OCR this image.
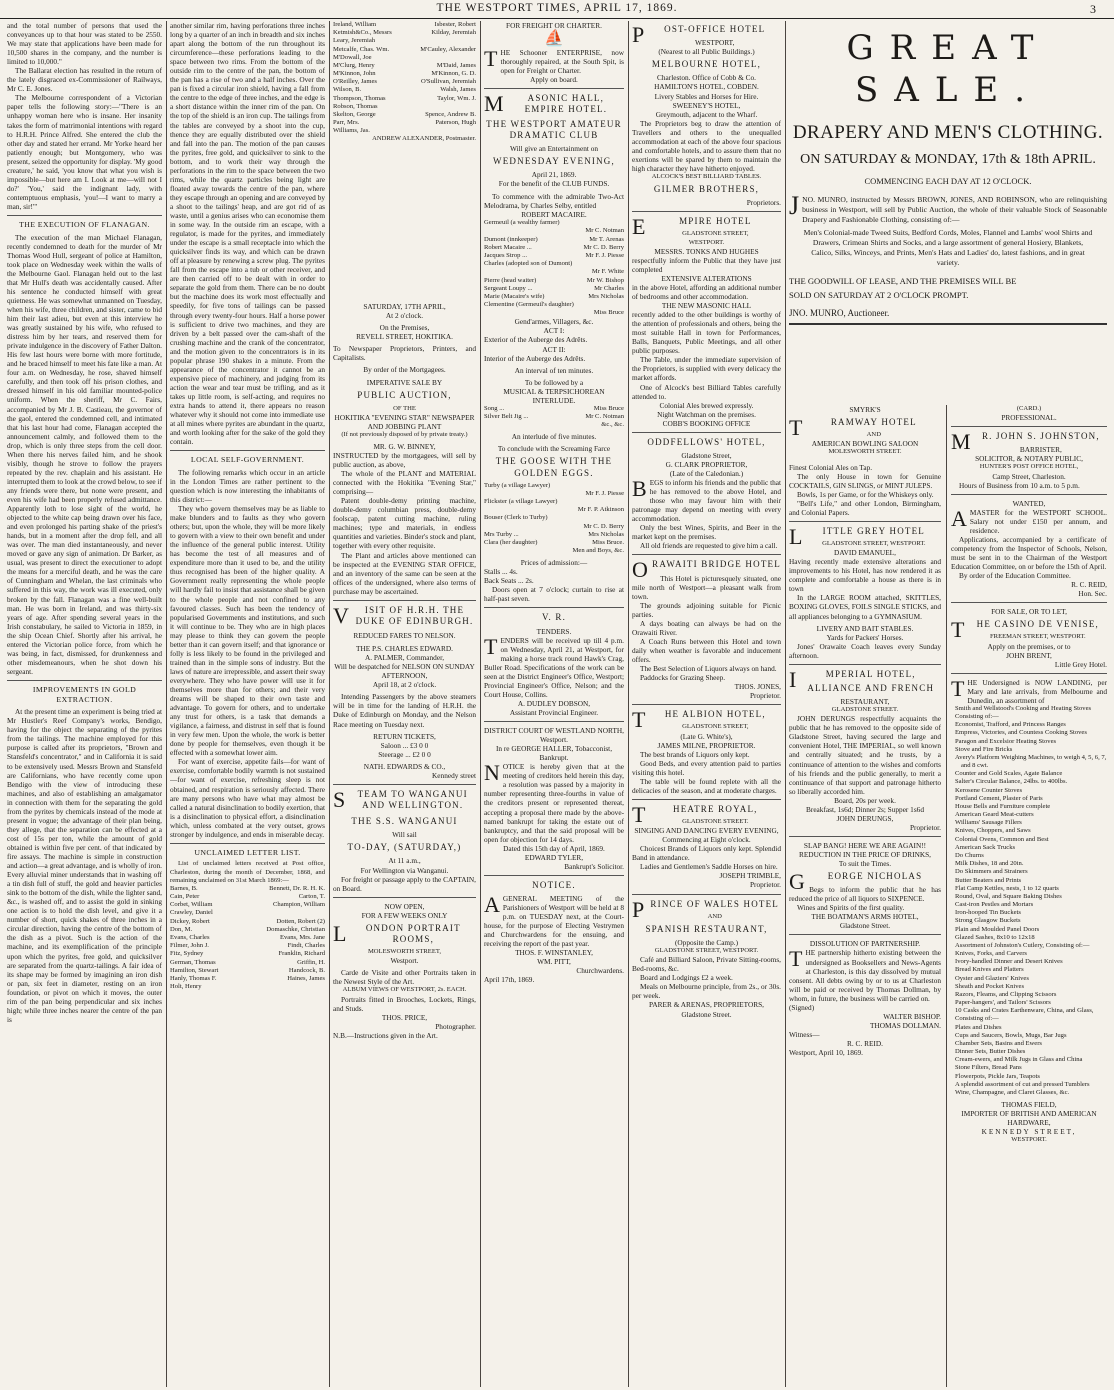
THE WESTPORT TIMES, APRIL 17, 1869.	3

and the total number of persons that used the conveyances up to that hour was stated to be 2550. We may state that applications have been made for 10,500 shares in the company, and the number is limited to 10,000."

The Ballarat election has resulted in the return of the lately disgraced ex-Commissioner of Railways, Mr C. E. Jones.

The Melbourne correspondent of a Victorian paper tells the following story:—"There is an unhappy woman here who is insane. Her insanity takes the form of matrimonial intentions with regard to H.R.H. Prince Alfred. She entered the club the other day and stated her errand. Mr Yorke heard her patiently enough; but Montgomery, who was present, seized the opportunity for display. 'My good creature,' he said, 'you know that what you wish is impossible—but here am I. Look at me—will not I do?' 'You,' said the indignant lady, with contemptuous emphasis, 'you!—I want to marry a man, sir!'"

THE EXECUTION OF FLANAGAN.

The execution of the man Michael Flanagan, recently condemned to death for the murder of Mr Thomas Wood Hull, sergeant of police at Hamilton, took place on Wednesday week within the walls of the Melbourne Gaol. Flanagan held out to the last that Mr Hull's death was accidentally caused. After his sentence he conducted himself with great quietness. He was somewhat unmanned on Tuesday, when his wife, three children, and sister, came to bid him their last adieu, but even at this interview he was greatly sustained by his wife, who refused to distress him by her tears, and reserved them for private indulgence in the discovery of Father Dalton. His few last hours were borne with more fortitude, and he braced himself to meet his fate like a man. At four a.m. on Wednesday, he rose, shaved himself carefully, and then took off his prison clothes, and dressed himself in his old familiar mounted-police uniform. When the sheriff, Mr C. Fairs, accompanied by Mr J. B. Castieau, the governor of the gaol, entered the condemned cell, and intimated that his last hour had come, Flanagan accepted the announcement calmly, and followed them to the drop, which is only three steps from the cell door. When there his nerves failed him, and he shook visibly, though he strove to follow the prayers repeated by the rev. chaplain and his assistant. He interrupted them to look at the crowd below, to see if any friends were there, but none were present, and even his wife had been properly refused admittance. Apparently loth to lose sight of the world, he objected to the white cap being drawn over his face, and even prolonged his parting shake of the priest's hands, but in a moment after the drop fell, and all was over. The man died instantaneously, and never moved or gave any sign of animation. Dr Barker, as usual, was present to direct the executioner to adopt the means for a merciful death, and he was the care of Cunningham and Whelan, the last criminals who suffered in this way, the work was ill executed, only broken by the fall. Flanagan was a fine well-built man. He was born in Ireland, and was thirty-six years of age. After spending several years in the Irish constabulary, he sailed to Victoria in 1859, in the ship Ocean Chief. Shortly after his arrival, he entered the Victorian police force, from which he was being, in fact, dismissed, for drunkenness and other misdemeanours, when he shot down his sergeant.

IMPROVEMENTS IN GOLD EXTRACTION.

At the present time an experiment is being tried at Mr Hustler's Reef Company's works, Bendigo, having for the object the separating of the pyrites from the tailings. The machine employed for this purpose is called after its proprietors, "Brown and Stansfeld's concentrator," and in California it is said to be extensively used. Messrs Brown and Stansfeld are Californians, who have recently come upon Bendigo with the view of introducing these machines, and also of establishing an amalgamator in connection with them for the separating the gold from the pyrites by chemicals instead of the mode at present in vogue; the advantage of their plan being, they allege, that the separation can be effected at a cost of 15s per ton, while the amount of gold obtained is within five per cent. of that indicated by fire assays. The machine is simple in construction and action—a great advantage, and is wholly of iron. Every alluvial miner understands that in washing off a tin dish full of stuff, the gold and heavier particles sink to the bottom of the dish, while the lighter sand, &c., is washed off, and to assist the gold in sinking one action is to hold the dish level, and give it a number of short, quick shakes of three inches in a circular direction, having the centre of the bottom of the dish as a pivot. Such is the action of the machine, and its exemplification of the principle upon which the pyrites, free gold, and quicksilver are separated from the quartz-tailings. A fair idea of its shape may be formed by imagining an iron dish or pan, six feet in diameter, resting on an iron foundation, or pivot on which it moves, the outer rim of the pan being perpendicular and six inches high; while three inches nearer the centre of the pan is

another similar rim, having perforations three inches long by a quarter of an inch in breadth and six inches apart along the bottom of the run throughout its circumference—these perforations leading to the space between two rims. From the bottom of the outside rim to the centre of the pan, the bottom of the pan has a rise of two and a half inches. Over the pan is fixed a circular iron shield, having a fall from the centre to the edge of three inches, and the edge is a short distance within the inner rim of the pan. On the top of the shield is an iron cup. The tailings from the tables are conveyed by a shoot into the cup, thence they are equally distributed over the shield and fall into the pan. The motion of the pan causes the pyrites, free gold, and quicksilver to sink to the bottom, and to work their way through the perforations in the rim to the space between the two rims, while the quartz particles being light are floated away towards the centre of the pan, where they escape through an opening and are conveyed by a shoot to the tailings' heap, and are got rid of as waste, until a genius arises who can economise them in some way. In the outside rim an escape, with a regulator, is made for the pyrites, and immediately under the escape is a small receptacle into which the quicksilver finds its way, and which can be drawn off at pleasure by renewing a screw plug. The pyrites fall from the escape into a tub or other receiver, and are then carried off to be dealt with in order to separate the gold from them. There can be no doubt but the machine does its work most effectually and speedily, for five tons of tailings can be passed through every twenty-four hours. Half a horse power is sufficient to drive two machines, and they are driven by a belt passed over the cam-shaft of the crushing machine and the crank of the concentrator, and the motion given to the concentrators is in its popular phrase 190 shakes in a minute. From the appearance of the concentrator it cannot be an expensive piece of machinery, and judging from its action the wear and tear must be trifling, and as it takes up little room, is self-acting, and requires no extra hands to attend it, there appears no reason whatever why it should not come into immediate use at all mines where pyrites are abundant in the quartz, and worth looking after for the sake of the gold they contain.

LOCAL SELF-GOVERNMENT.

The following remarks which occur in an article in the London Times are rather pertinent to the question which is now interesting the inhabitants of this district:—

They who govern themselves may be as liable to make blunders and to faults as they who govern others; but, upon the whole, they will be more likely to govern with a view to their own benefit and under the influence of the general public interest. Utility has become the test of all measures and of expenditure more than it used to be, and the utility thus recognised has been of the higher quality. A Government really representing the whole people will hardly fail to insist that assistance shall be given to the whole people and not confined to any favoured classes. Such has been the tendency of popularised Governments and institutions, and such it will continue to be. They who are in high places may please to think they can govern the people better than it can govern itself; and that ignorance or folly is less likely to be found in the privileged and trained than in the simple sons of industry. But the laws of nature are irrepressible, and assert their sway everywhere. They who have power will use it for themselves more than for others; and their very dreams will be shaped to their own taste and advantage. To govern for others, and to undertake any trust for others, is a task that demands a vigilance, a fairness, and distrust in self that is found in very few men. Upon the whole, the work is better done by people for themselves, even though it be effected with a somewhat lower aim.

For want of exercise, appetite fails—for want of exercise, comfortable bodily warmth is not sustained—for want of exercise, refreshing sleep is not obtained, and respiration is seriously affected. There are many persons who have what may almost be called a natural disinclination to bodily exertion, that is a disinclination to physical effort, a disinclination which, unless combated at the very outset, grows stronger by indulgence, and ends in miserable decay.

UNCLAIMED LETTER LIST.

List of unclaimed letters received at Post office, Charleston, during the month of December, 1868, and remaining unclaimed on 31st March 1869:—

Barnes, B.	Bennett, Dr. R. H. K.
Cain, Peter	Carton, T.
Corbet, William	Champion, William
Crawley, Daniel
Dickey, Robert	Dotten, Robert (2)
Don, M.	Domaschke, Christian
Evans, Charles	Evans, Mrs. Jane
Filmer, John J.	Findt, Charles
Fitz, Sydney	Franklin, Richard
German, Thomas	Griffin, H.
Hamilton, Stewart	Handcock, B.
Hanly, Thomas F.	Haines, James
Holt, Henry
Ireland, William	Isbester, Robert
Ketmish&Co., Messrs	Kilday, Jeremiah
Leary, Jeremiah
Metcalfe, Chas. Wm.	M'Cauley, Alexander
M'Dowall, Joe
M'Clurg, Henry	M'Daid, James
M'Kinnon, John	M'Kinnon, G. D.
O'Reilley, James	O'Sullivan, Jeremiah
Wilson, B.	Walsh, James
Thompson, Thomas	Taylor, Wm. J.
Robson, Thomas
Skelton, George	Spence, Andrew B.
Parr, Mrs.	Paterson, Hugh
Williams, Jas.
ANDREW ALEXANDER, Postmaster.
P OST-OFFICE HOTEL
WESTPORT,
(Nearest to all Public Buildings.)
MELBOURNE HOTEL,
Charleston. Office of Cobb & Co.
HAMILTON'S HOTEL, COBDEN.
Livery Stables and Horses for Hire.
SWEENEY'S HOTEL,
Greymouth, adjacent to the Wharf.

The Proprietors beg to draw the attention of Travellers and others to the unequalled accommodation at each of the above four spacious and comfortable hotels, and to assure them that no exertions will be spared by them to maintain the high character they have hitherto enjoyed.

ALCOCK'S BEST BILLIARD TABLES.
GILMER BROTHERS,
Proprietors.
E	MPIRE HOTEL
GLADSTONE STREET,
WESTPORT.
MESSRS. TONKS AND HUGHES

respectfully inform the Public that they have just completed

EXTENSIVE ALTERATIONS

in the above Hotel, affording an additional number of bedrooms and other accommodation.

THE NEW MASONIC HALL

recently added to the other buildings is worthy of the attention of professionals and others, being the most suitable Hall in town for Performances, Balls, Banquets, Public Meetings, and all other public purposes.

The Table, under the immediate supervision of the Proprietors, is supplied with every delicacy the market affords.

One of Alcock's best Billiard Tables carefully attended to.

Colonial Ales brewed expressly.
Night Watchman on the premises.
COBB'S BOOKING OFFICE
ODDFELLOWS' HOTEL,
Gladstone Street,
G. CLARK PROPRIETOR,
(Late of the Caledonian.)

BEGS to inform his friends and the public that he has removed to the above Hotel, and those who may favour him with their patronage may depend on meeting with every accommodation.

Only the best Wines, Spirits, and Beer in the market kept on the premises.

All old friends are requested to give him a call.

ORAWAITI BRIDGE HOTEL

This Hotel is picturesquely situated, one mile north of Westport—a pleasant walk from town.

The grounds adjoining suitable for Picnic parties.

A days boating can always be had on the Orawaiti River.

A Coach Runs between this Hotel and town daily when weather is favorable and inducement offers.

The Best Selection of Liquors always on hand.

Paddocks for Grazing Sheep.

THOS. JONES,
Proprietor.
T HE ALBION HOTEL,
GLADSTONE STREET,
(Late G. White's),
JAMES MILNE, PROPRIETOR.

The best brands of Liquors only kept.

Good Beds, and every attention paid to parties visiting this hotel.

The table will be found replete with all the delicacies of the season, and at moderate charges.

T	HEATRE ROYAL,
GLADSTONE STREET.
SINGING AND DANCING EVERY EVENING,
Commencing at Eight o'clock.

Choicest Brands of Liquors only kept. Splendid Band in attendance.

Ladies and Gentlemen's Saddle Horses on hire.

JOSEPH TRIMBLE,
Proprietor.
PRINCE OF WALES HOTEL
AND
SPANISH RESTAURANT,
(Opposite the Camp.)
GLADSTONE STREET, WESTPORT.

Café and Billiard Saloon, Private Sitting-rooms, Bed-rooms, &c.

Board and Lodgings £2 a week.

Meals on Melbourne principle, from 2s., or 30s. per week.

PARER & ARENAS, PROPRIETORS,
Gladstone Street.
GREAT SALE.
DRAPERY AND MEN'S CLOTHING.
ON SATURDAY & MONDAY, 17th & 18th APRIL.
COMMENCING EACH DAY AT 12 O'CLOCK.

JNO. MUNRO, instructed by Messrs BROWN, JONES, AND ROBINSON, who are relinquishing business in Westport, will sell by Public Auction, the whole of their valuable Stock of Seasonable Drapery and Fashionable Clothing, consisting of:—

Men's Colonial-made Tweed Suits, Bedford Cords, Moles, Flannel and Lambs' wool Shirts and Drawers, Crimean Shirts and Socks, and a large assortment of general Hosiery, Blankets, Calico, Silks, Winceys, and Prints, Men's Hats and Ladies' do, latest fashions, and in great variety.

THE GOODWILL OF LEASE, AND THE PREMISES WILL BE

SOLD ON SATURDAY AT 2 O'CLOCK PROMPT.

JNO. MUNRO, Auctioneer.

SMYRK'S
T	RAMWAY HOTEL
AND
AMERICAN BOWLING SALOON
MOLESWORTH STREET.

Finest Colonial Ales on Tap.

The only House in town for Genuine COCKTAILS, GIN SLINGS, or MINT JULEPS.

Bowls, 1s per Game, or for the Whiskeys only.

"Bell's Life," and other London, Birmingham, and Colonial Papers.

L ITTLE GREY HOTEL
GLADSTONE STREET, WESTPORT.
DAVID EMANUEL,

Having recently made extensive alterations and improvements to his Hotel, has now rendered it as complete and comfortable a house as there is in town

In the LARGE ROOM attached, SKITTLES, BOXING GLOVES, FOILS SINGLE STICKS, and all appliances belonging to a GYMNASIUM.

LIVERY AND BAIT STABLES.
Yards for Packers' Horses.

Jones' Orawaite Coach leaves every Sunday afternoon.

I	MPERIAL HOTEL,
ALLIANCE AND FRENCH
RESTAURANT,
GLADSTONE STREET.

JOHN DERUNGS respectfully acquaints the public that he has removed to the opposite side of Gladstone Street, having secured the large and convenient Hotel, THE IMPERIAL, so well known and centrally situated; and he trusts, by a continuance of attention to the wishes and comforts of his friends and the public generally, to merit a continuance of that support and patronage hitherto so liberally accorded him.

Board, 20s per week.
Breakfast, 1s6d; Dinner 2s; Supper 1s6d
JOHN DERUNGS,
Proprietor.
SLAP BANG! HERE WE ARE AGAIN!!
REDUCTION IN THE PRICE OF DRINKS,
To suit the Times.
G EORGE NICHOLAS

Begs to inform the public that he has reduced the price of all liquors to SIXPENCE.

Wines and Spirits of the first quality.

THE BOATMAN'S ARMS HOTEL,
Gladstone Street.
DISSOLUTION OF PARTNERSHIP.

THE partnership hitherto existing between the undersigned as Booksellers and News-Agents at Charleston, is this day dissolved by mutual consent. All debts owing by or to us at Charleston will be paid or received by Thomas Dollman, by whom, in future, the business will be carried on.

(Signed)
WALTER BISHOP.
THOMAS DOLLMAN.
Witness—
R. C. REID.
Westport, April 10, 1869.
(CARD.)
PROFESSIONAL.
M R. JOHN S. JOHNSTON,
BARRISTER,
SOLICITOR, & NOTARY PUBLIC,
HUNTER'S POST OFFICE HOTEL,
Camp Street, Charleston.

Hours of Business from 10 a.m. to 5 p.m.

WANTED,

AMASTER for the WESTPORT SCHOOL. Salary not under £150 per annum, and residence.

Applications, accompanied by a certificate of competency from the Inspector of Schools, Nelson, must be sent in to the Chairman of the Westport Education Committee, on or before the 15th of April.

By order of the Education Committee.

R. C. REID,
Hon. Sec.
FOR SALE, OR TO LET,
T HE CASINO DE VENISE,
FREEMAN STREET, WESTPORT.
Apply on the premises, or to
JOHN BRENT,
Little Grey Hotel.

THE Undersigned is NOW LANDING, per Mary and late arrivals, from Melbourne and Dunedin, an assortment of

Smith and Wellstood's Cooking and Heating Stoves
Consisting of:—
Economist, Trafford, and Princess Ranges
Empress, Victories, and Countess Cooking Stoves
Paragon and Excelsior Heating Stoves
Stove and Fire Bricks
Avery's Platform Weighing Machines, to weigh 4, 5, 6, 7, and 8 cwt.
Counter and Gold Scales, Agate Balance
Salter's Circular Balance, 24lbs. to 400lbs.
Kerosene Counter Stoves
Portland Cement, Plaster of Paris
House Bells and Furniture complete
American Geard Meat-cutters
Williams' Sausage Fillers
Knives, Choppers, and Saws
Colonial Ovens, Common and Best
American Sack Trucks
Do Churns
Milk Dishes, 18 and 20in.
Do Skimmers and Strainers
Butter Beaters and Prints
Flat Camp Kettles, nests, 1 to 12 quarts
Round, Oval, and Square Baking Dishes
Cast-iron Pestles and Mortars
Iron-hooped Tin Buckets
Strong Glasgow Buckets
Plain and Moulded Panel Doors
Glazed Sashes, 8x10 to 12x18
Assortment of Johnston's Cutlery, Consisting of:—
Knives, Forks, and Carvers
Ivory-handled Dinner and Desert Knives
Bread Knives and Platters
Oyster and Glaziers' Knives
Sheath and Pocket Knives
Razors, Fleams, and Clipping Scissors
Paper-hangers', and Tailors' Scissors
10 Casks and Crates Earthenware, China, and Glass,
Consisting of:—
Plates and Dishes
Cups and Saucers, Bowls, Mugs, Bar Jugs
Chamber Sets, Basins and Ewers
Dinner Sets, Butter Dishes
Cream-ewers, and Milk Jugs in Glass and China
Stone Filters, Bread Pans
Flowerpots, Pickle Jars, Teapots
A splendid assortment of cut and pressed Tumblers
Wine, Champagne, and Claret Glasses, &c.
THOMAS FIELD,
IMPORTER OF BRITISH AND AMERICAN HARDWARE,
KENNEDY STREET,
WESTPORT.
SATURDAY, 17TH APRIL,
At 2 o'clock.
On the Premises,
REVELL STREET, HOKITIKA.

To Newspaper Proprietors, Printers, and Capitalists.

By order of the Mortgagees.
IMPERATIVE SALE BY
PUBLIC AUCTION,
OF THE
HOKITIKA "EVENING STAR" NEWSPAPER AND JOBBING PLANT
(If not previously disposed of by private treaty.)
MR. G. W. BINNEY,

INSTRUCTED by the mortgagees, will sell by public auction, as above,

The whole of the PLANT and MATERIAL connected with the Hokitika "Evening Star," comprising—

Patent double-demy printing machine, double-demy columbian press, double-demy foolscap, patent cutting machine, ruling machines; type and materials, in endless quantities and varieties. Binder's stock and plant, together with every other requisite.

The Plant and articles above mentioned can be inspected at the EVENING STAR OFFICE, and an inventory of the same can be seen at the offices of the undersigned, where also terms of purchase may be ascertained.

V ISIT OF H.R.H. THE DUKE OF EDINBURGH.
REDUCED FARES TO NELSON.
THE P.S. CHARLES EDWARD.
A. PALMER, Commander,
Will be despatched for NELSON ON SUNDAY AFTERNOON,
April 18, at 2 o'clock.

Intending Passengers by the above steamers will be in time for the landing of H.R.H. the Duke of Edinburgh on Monday, and the Nelson Race meeting on Tuesday next.

RETURN TICKETS,
Saloon ... £3 0 0
Steerage ... £2 0 0
NATH. EDWARDS & CO.,
Kennedy street
S TEAM TO WANGANUI AND WELLINGTON.
THE S.S. WANGANUI
Will sail
TO-DAY, (SATURDAY,)
At 11 a.m.,
For Wellington via Wanganui.

For freight or passage apply to the CAPTAIN, on Board.

NOW OPEN,
FOR A FEW WEEKS ONLY
L ONDON PORTRAIT ROOMS,
MOLESWORTH STREET,
Westport.

Carde de Visite and other Portraits taken in the Newest Style of the Art.

ALBUM VIEWS OF WESTPORT, 2s. EACH.

Portraits fitted in Brooches, Lockets, Rings, and Studs.

THOS. PRICE,
Photographer.
N.B.—Instructions given in the Art.
FOR FREIGHT OR CHARTER.
⛵

THE Schooner ENTERPRISE, now thoroughly repaired, at the South Spit, is open for Freight or Charter.

Apply on board.
M	ASONIC HALL, EMPIRE HOTEL.
THE WESTPORT AMATEUR DRAMATIC CLUB
Will give an Entertainment on
WEDNESDAY EVENING,
April 21, 1869.
For the benefit of the CLUB FUNDS.

To commence with the admirable Two-Act Melodrama, by Charles Selby, entitled

ROBERT MACAIRE.
Germeuil (a wealthy farmer)
Mr C. Notman
Dumont (innkeeper)	Mr T. Arenas
Robert Macaire ...	Mr C. D. Berry
Jacques Strop ...	Mr F. J. Piesse
Charles (adopted son of Dumont)
Mr F. White
Pierre (head waiter)	Mr W. Bishop
Sergeant Loupy ...	Mr Charles
Marie (Macaire's wife)	Mrs Nicholas
Clementine (Germeuil's daughter)
Miss Bruce
Gend'armes, Villagers, &c.
ACT I:
Exterior of the Auberge des Adrêts.
ACT II:
Interior of the Auberge des Adrêts.
An interval of ten minutes.
To be followed by a
MUSICAL & TERPSICHOREAN INTERLUDE.
Song ...	Miss Bruce
Silver Belt Jig ...	Mr C. Notman
&c., &c.
An interlude of five minutes.
To conclude with the Screaming Farce
THE GOOSE WITH THE GOLDEN EGGS.
Turby (a village Lawyer)
Mr F. J. Piesse
Flickster (a village Lawyer)
Mr F. P. Atkinson
Bouser (Clerk to Turby)
Mr C. D. Berry
Mrs Turby ...	Mrs Nicholas
Clara (her daughter)	Miss Bruce.
Men and Boys, &c.
Prices of admission:—
Stalls ... 4s.
Back Seats ... 2s.

Doors open at 7 o'clock; curtain to rise at half-past seven.

V. R.
TENDERS.

TENDERS will be received up till 4 p.m. on Wednesday, April 21, at Westport, for making a horse track round Hawk's Crag, Buller Road. Specifications of the work can be seen at the District Engineer's Office, Westport; Provincial Engineer's Office, Nelson; and the Court House, Collins.

A. DUDLEY DOBSON,
Assistant Provincial Engineer.
DISTRICT COURT OF WESTLAND NORTH,
Westport.
In re GEORGE HALLER, Tobacconist, Bankrupt.

NOTICE is hereby given that at the meeting of creditors held herein this day, a resolution was passed by a majority in number representing three-fourths in value of the creditors present or represented thereat, accepting a proposal there made by the above-named bankrupt for taking the estate out of bankruptcy, and that the said proposal will be open for objection for 14 days.

Dated this 15th day of April, 1869.
EDWARD TYLER,
Bankrupt's Solicitor.
NOTICE.

AGENERAL MEETING of the Parishioners of Westport will be held at 8 p.m. on TUESDAY next, at the Court-house, for the purpose of Electing Vestrymen and Churchwardens for the ensuing, and receiving the report of the past year.

THOS. F. WINSTANLEY,
WM. PITT,
Churchwardens.
April 17th, 1869.
